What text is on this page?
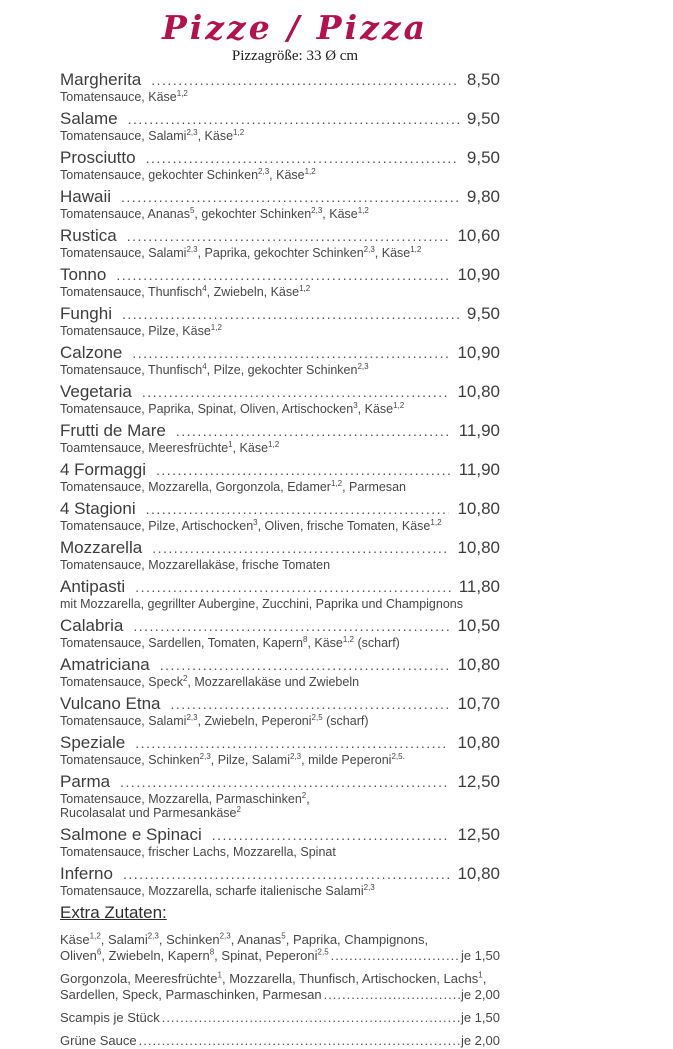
Pizze / Pizza
Pizzagröße: 33 Ø cm
Margherita .....	8,50
Tomatensauce, Käse$^{1,2}$
Salame .....	9,50
Tomatensauce, Salami$^{2,3}$, Käse$^{1,2}$
Prosciutto .....	9,50
Tomatensauce, gekochter Schinken$^{2,3}$, Käse$^{1,2}$
Hawaii .....	9,80
Tomatensauce, Ananas$^5$, gekochter Schinken$^{2,3}$, Käse$^{1,2}$
Rustica .....	10,60
Tomatensauce, Salami$^{2,3}$, Paprika, gekochter Schinken$^{2,3}$, Käse$^{1,2}$
Tonno .....	10,90
Tomatensauce, Thunfisch$^4$, Zwiebeln, Käse$^{1,2}$
Funghi .....	9,50
Tomatensauce, Pilze, Käse$^{1,2}$
Calzone .....	10,90
Tomatensauce, Thunfisch$^4$, Pilze, gekochter Schinken$^{2,3}$
Vegetaria .....	10,80
Tomatensauce, Paprika, Spinat, Oliven, Artischocken$^3$, Käse$^{1,2}$
Frutti de Mare .....	11,90
Toamtensauce, Meeresfrüchte$^1$, Käse$^{1,2}$
4 Formaggi .....	11,90
Tomatensauce, Mozzarella, Gorgonzola, Edamer$^{1,2}$, Parmesan
4 Stagioni .....	10,80
Tomatensauce, Pilze, Artischocken$^3$, Oliven, frische Tomaten, Käse$^{1,2}$
Mozzarella .....	10,80
Tomatensauce, Mozzarellakäse, frische Tomaten
Antipasti .....	11,80
mit Mozzarella, gegrillter Aubergine, Zucchini, Paprika und Champignons
Calabria .....	10,50
Tomatensauce, Sardellen, Tomaten, Kapern$^8$, Käse$^{1,2}$ (scharf)
Amatriciana .....	10,80
Tomatensauce, Speck$^2$, Mozzarellakäse und Zwiebeln
Vulcano Etna .....	10,70
Tomatensauce, Salami$^{2,3}$, Zwiebeln, Peperoni$^{2,5}$ (scharf)
Speziale .....	10,80
Tomatensauce, Schinken$^{2,3}$, Pilze, Salami$^{2,3}$, milde Peperoni$^{2,5.}$
Parma .....	12,50
Tomatensauce, Mozzarella, Parmaschinken$^2$,
Rucolasalat und Parmesankäse$^2$
Salmone e Spinaci .....	12,50
Tomatensauce, frischer Lachs, Mozzarella, Spinat
Inferno .....	10,80
Tomatensauce, Mozzarella, scharfe italienische Salami$^{2,3}$
Extra Zutaten:
Käse$^{1,2}$, Salami$^{2,3}$, Schinken$^{2,3}$, Ananas$^5$, Paprika, Champignons,
Oliven$^6$, Zwiebeln, Kapern$^8$, Spinat, Peperoni$^{2,5}$ .....	je 1,50
Gorgonzola, Meeresfrüchte$^1$, Mozzarella, Thunfisch, Artischocken, Lachs$^1$,
Sardellen, Speck, Parmaschinken, Parmesan .....	je 2,00
Scampis je Stück .....	je 1,50
Grüne Sauce .....	je 2,00
